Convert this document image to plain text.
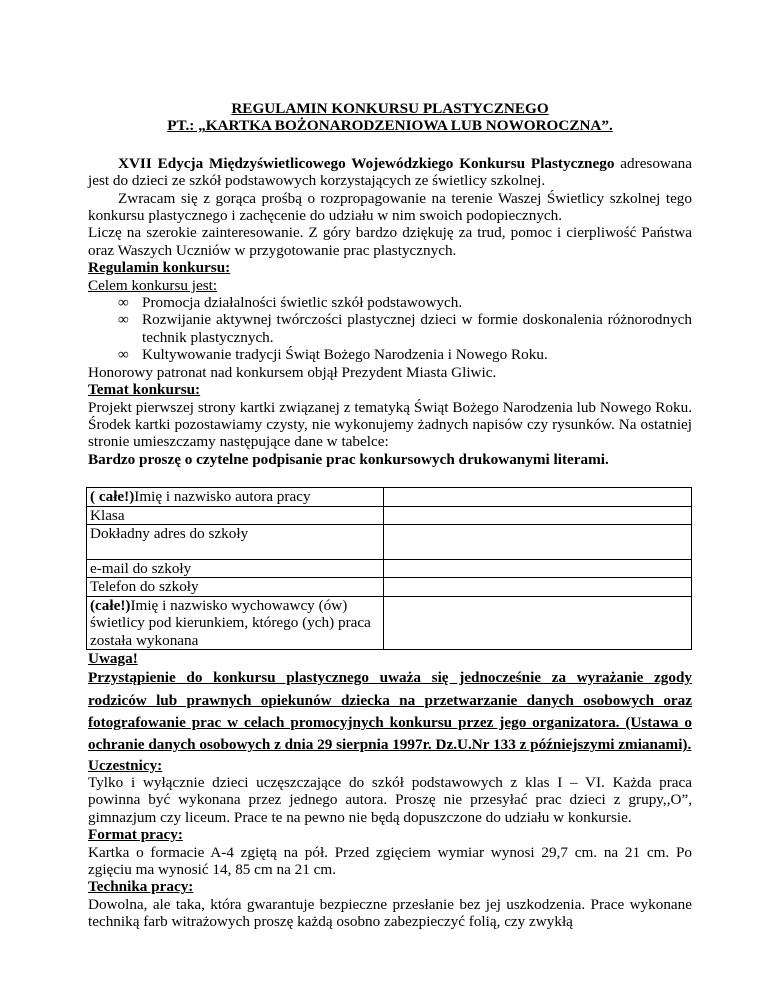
REGULAMIN KONKURSU PLASTYCZNEGO

PT.: „KARTKA BOŻONARODZENIOWA LUB NOWOROCZNA”.

XVII Edycja Międzyświetlicowego Wojewódzkiego Konkursu Plastycznego adresowana jest do dzieci ze szkół podstawowych korzystających ze świetlicy szkolnej.

Zwracam się z gorąca prośbą o rozpropagowanie na terenie Waszej Świetlicy szkolnej tego konkursu plastycznego i zachęcenie do udziału w nim swoich podopiecznych.

Liczę na szerokie zainteresowanie. Z góry bardzo dziękuję za trud, pomoc i cierpliwość Państwa oraz Waszych Uczniów w przygotowanie prac plastycznych.

Regulamin konkursu:

Celem konkursu jest:

∞ Promocja działalności świetlic szkół podstawowych.
∞ Rozwijanie aktywnej twórczości plastycznej dzieci w formie doskonalenia różnorodnych technik plastycznych.
∞ Kultywowanie tradycji Świąt Bożego Narodzenia i Nowego Roku.

Honorowy patronat nad konkursem objął Prezydent Miasta Gliwic.

Temat konkursu:

Projekt pierwszej strony kartki związanej z tematyką Świąt Bożego Narodzenia lub Nowego Roku. Środek kartki pozostawiamy czysty, nie wykonujemy żadnych napisów czy rysunków. Na ostatniej stronie umieszczamy następujące dane w tabelce:

Bardzo proszę o czytelne podpisanie prac konkursowych drukowanymi literami.

( całe!)Imię i nazwisko autora pracy	
Klasa	
Dokładny adres do szkoły	
e-mail do szkoły	
Telefon do szkoły	
(całe!)Imię i nazwisko wychowawcy (ów) świetlicy pod kierunkiem, którego (ych) praca została wykonana	

Uwaga!

Przystąpienie do konkursu plastycznego uważa się jednocześnie za wyrażanie zgody rodziców lub prawnych opiekunów dziecka na przetwarzanie danych osobowych oraz fotografowanie prac w celach promocyjnych konkursu przez jego organizatora. (Ustawa o ochranie danych osobowych z dnia 29 sierpnia 1997r. Dz.U.Nr 133 z późniejszymi zmianami).

Uczestnicy:

Tylko i wyłącznie dzieci uczęszczające do szkół podstawowych z klas I – VI. Każda praca powinna być wykonana przez jednego autora. Proszę nie przesyłać prac dzieci z grupy,,O”, gimnazjum czy liceum. Prace te na pewno nie będą dopuszczone do udziału w konkursie.

Format pracy:

Kartka o formacie A-4 zgiętą na pół. Przed zgięciem wymiar wynosi 29,7 cm. na 21 cm. Po zgięciu ma wynosić 14, 85 cm na 21 cm.

Technika pracy:

Dowolna, ale taka, która gwarantuje bezpieczne przesłanie bez jej uszkodzenia. Prace wykonane techniką farb witrażowych proszę każdą osobno zabezpieczyć folią, czy zwykłą
